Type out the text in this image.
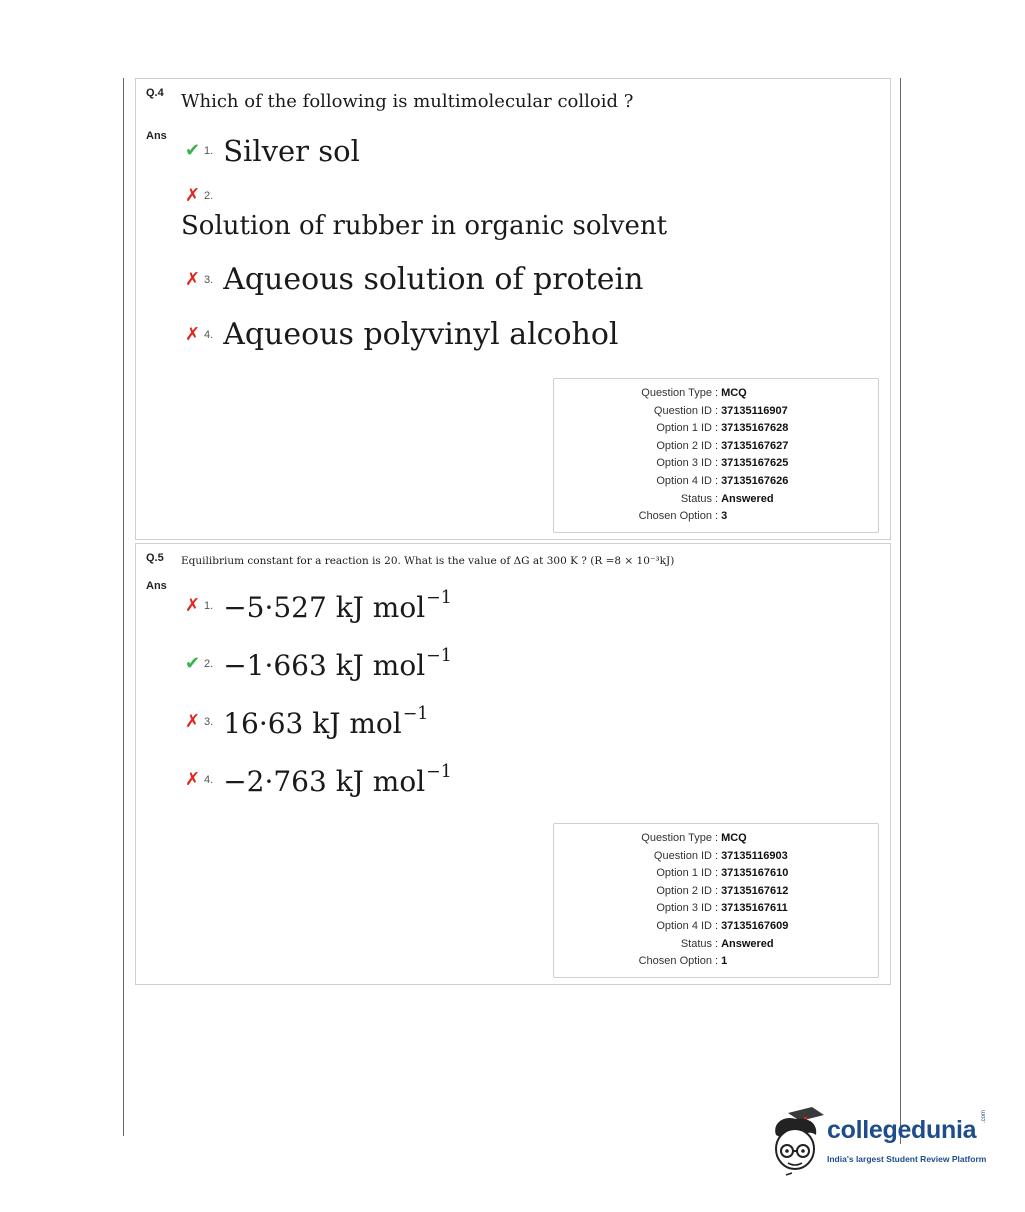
Q.4 Which of the following is multimolecular colloid ?
Ans
✔ 1. Silver sol
✗ 2.
Solution of rubber in organic solvent
✗ 3. Aqueous solution of protein
✗ 4. Aqueous polyvinyl alcohol
Question Type : MCQ
Question ID : 37135116907
Option 1 ID : 37135167628
Option 2 ID : 37135167627
Option 3 ID : 37135167625
Option 4 ID : 37135167626
Status : Answered
Chosen Option : 3
Q.5 Equilibrium constant for a reaction is 20. What is the value of ΔG at 300 K ? (R =8 × 10⁻³kJ)
Ans
✗ 1. −5·527 kJ mol$^{-1}$
✔ 2. −1·663 kJ mol$^{-1}$
✗ 3. 16·63 kJ mol$^{-1}$
✗ 4. −2·763 kJ mol$^{-1}$
Question Type : MCQ
Question ID : 37135116903
Option 1 ID : 37135167610
Option 2 ID : 37135167612
Option 3 ID : 37135167611
Option 4 ID : 37135167609
Status : Answered
Chosen Option : 1
collegedunia .com
India's largest Student Review Platform
